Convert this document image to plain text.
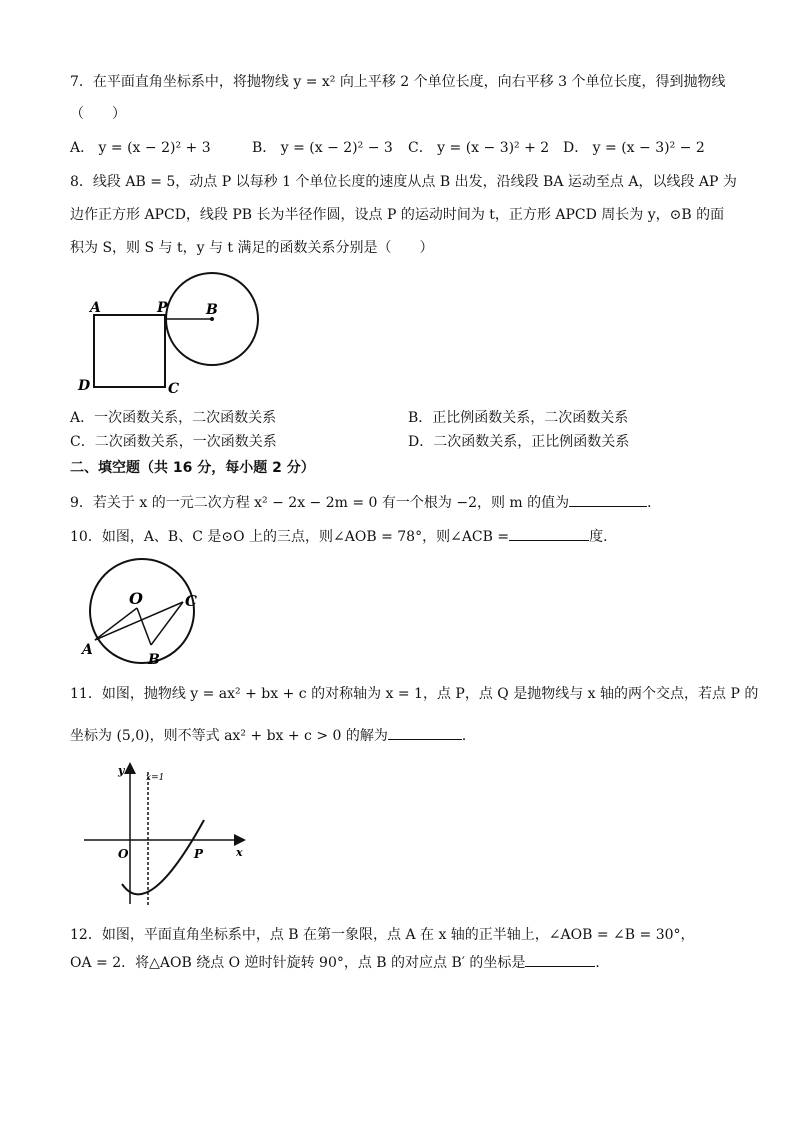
7．在平面直角坐标系中，将抛物线 y = x² 向上平移 2 个单位长度，向右平移 3 个单位长度，得到抛物线
（　　）
A． y = (x − 2)² + 3	B． y = (x − 2)² − 3 C． y = (x − 3)² + 2 D． y = (x − 3)² − 2
8．线段 AB = 5，动点 P 以每秒 1 个单位长度的速度从点 B 出发，沿线段 BA 运动至点 A，以线段 AP 为
边作正方形 APCD，线段 PB 长为半径作圆，设点 P 的运动时间为 t，正方形 APCD 周长为 y，⊙B 的面
积为 S，则 S 与 t，y 与 t 满足的函数关系分别是（　　）
A	P	B
C
D
A．一次函数关系，二次函数关系	B．正比例函数关系，二次函数关系
C．二次函数关系，一次函数关系	D．二次函数关系，正比例函数关系
二、填空题（共 16 分，每小题 2 分）
9．若关于 x 的一元二次方程 x² − 2x − 2m = 0 有一个根为 −2，则 m 的值为	．
10．如图，A、B、C 是⊙O 上的三点，则∠AOB = 78°，则∠ACB =	度．
O
A
B
C
11．如图，抛物线 y = ax² + bx + c 的对称轴为 x = 1，点 P，点 Q 是抛物线与 x 轴的两个交点，若点 P 的
坐标为 (5,0)，则不等式 ax² + bx + c > 0 的解为	．
y
x
O	P
x=1
12．如图，平面直角坐标系中，点 B 在第一象限，点 A 在 x 轴的正半轴上，∠AOB = ∠B = 30°，
OA = 2．将△AOB 绕点 O 逆时针旋转 90°，点 B 的对应点 B′ 的坐标是	．
